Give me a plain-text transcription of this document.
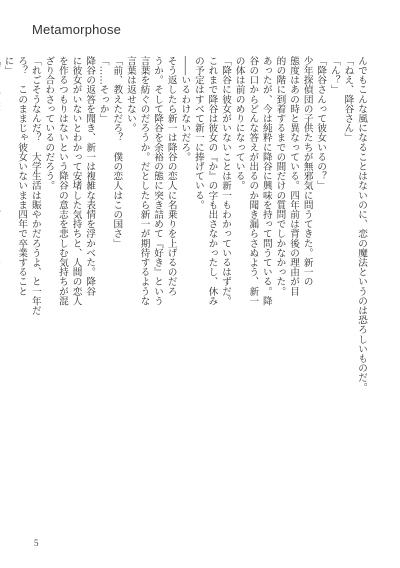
Metamorphose
んでもこんな風になることはないのに、恋の魔法というのは恐ろしいものだ。
「ねえ、降谷さん」
「ん？」
「降谷さんって彼女いるの？」
少年探偵団の子供たちが無邪気に問うてきた。新一の
態度はあの時と異なっている。四年前は背後の理由が目
的の階に到着するまでの間だけの質問でしかなかった。
あったが、今は純粋に降谷に興味を持って問うている。降
谷の口からどんな答えが出るのか聞き漏らさぬよう、新一
の体は前のめりになっている。
「降谷に彼女がいないことは新一もわかっているはずだ。
これまで降谷は彼女の『か』の字も出さなかったし、休み
の予定はすべて新一に捧げている。
――いるわけないだろ。
そう返したら新一は降谷の恋人に名乗りを上げるのだろ
うか。そして降谷を余裕の態に突き詰めて『好き』という
言葉を紡ぐのだろうか。だとしたら新一が期待するような
言葉は返せない。
「前、教えただろ？　僕の恋人はこの国さ」
「……そっか」
降谷の返答を聞き、新一は複雑な表情を浮かべた。降谷
に彼女がいないとわかって安堵した気持ちと、人間の恋人
を作るつもりはないという降谷の意志を悲しむ気持ちが混
ざり合わさっているのだろう。
「れごそうなんだ？　大学生活は賑やかだろうよ、と一年だ
ろ？　このままじゃ彼女いないまま四年で卒業すること
に」
5
